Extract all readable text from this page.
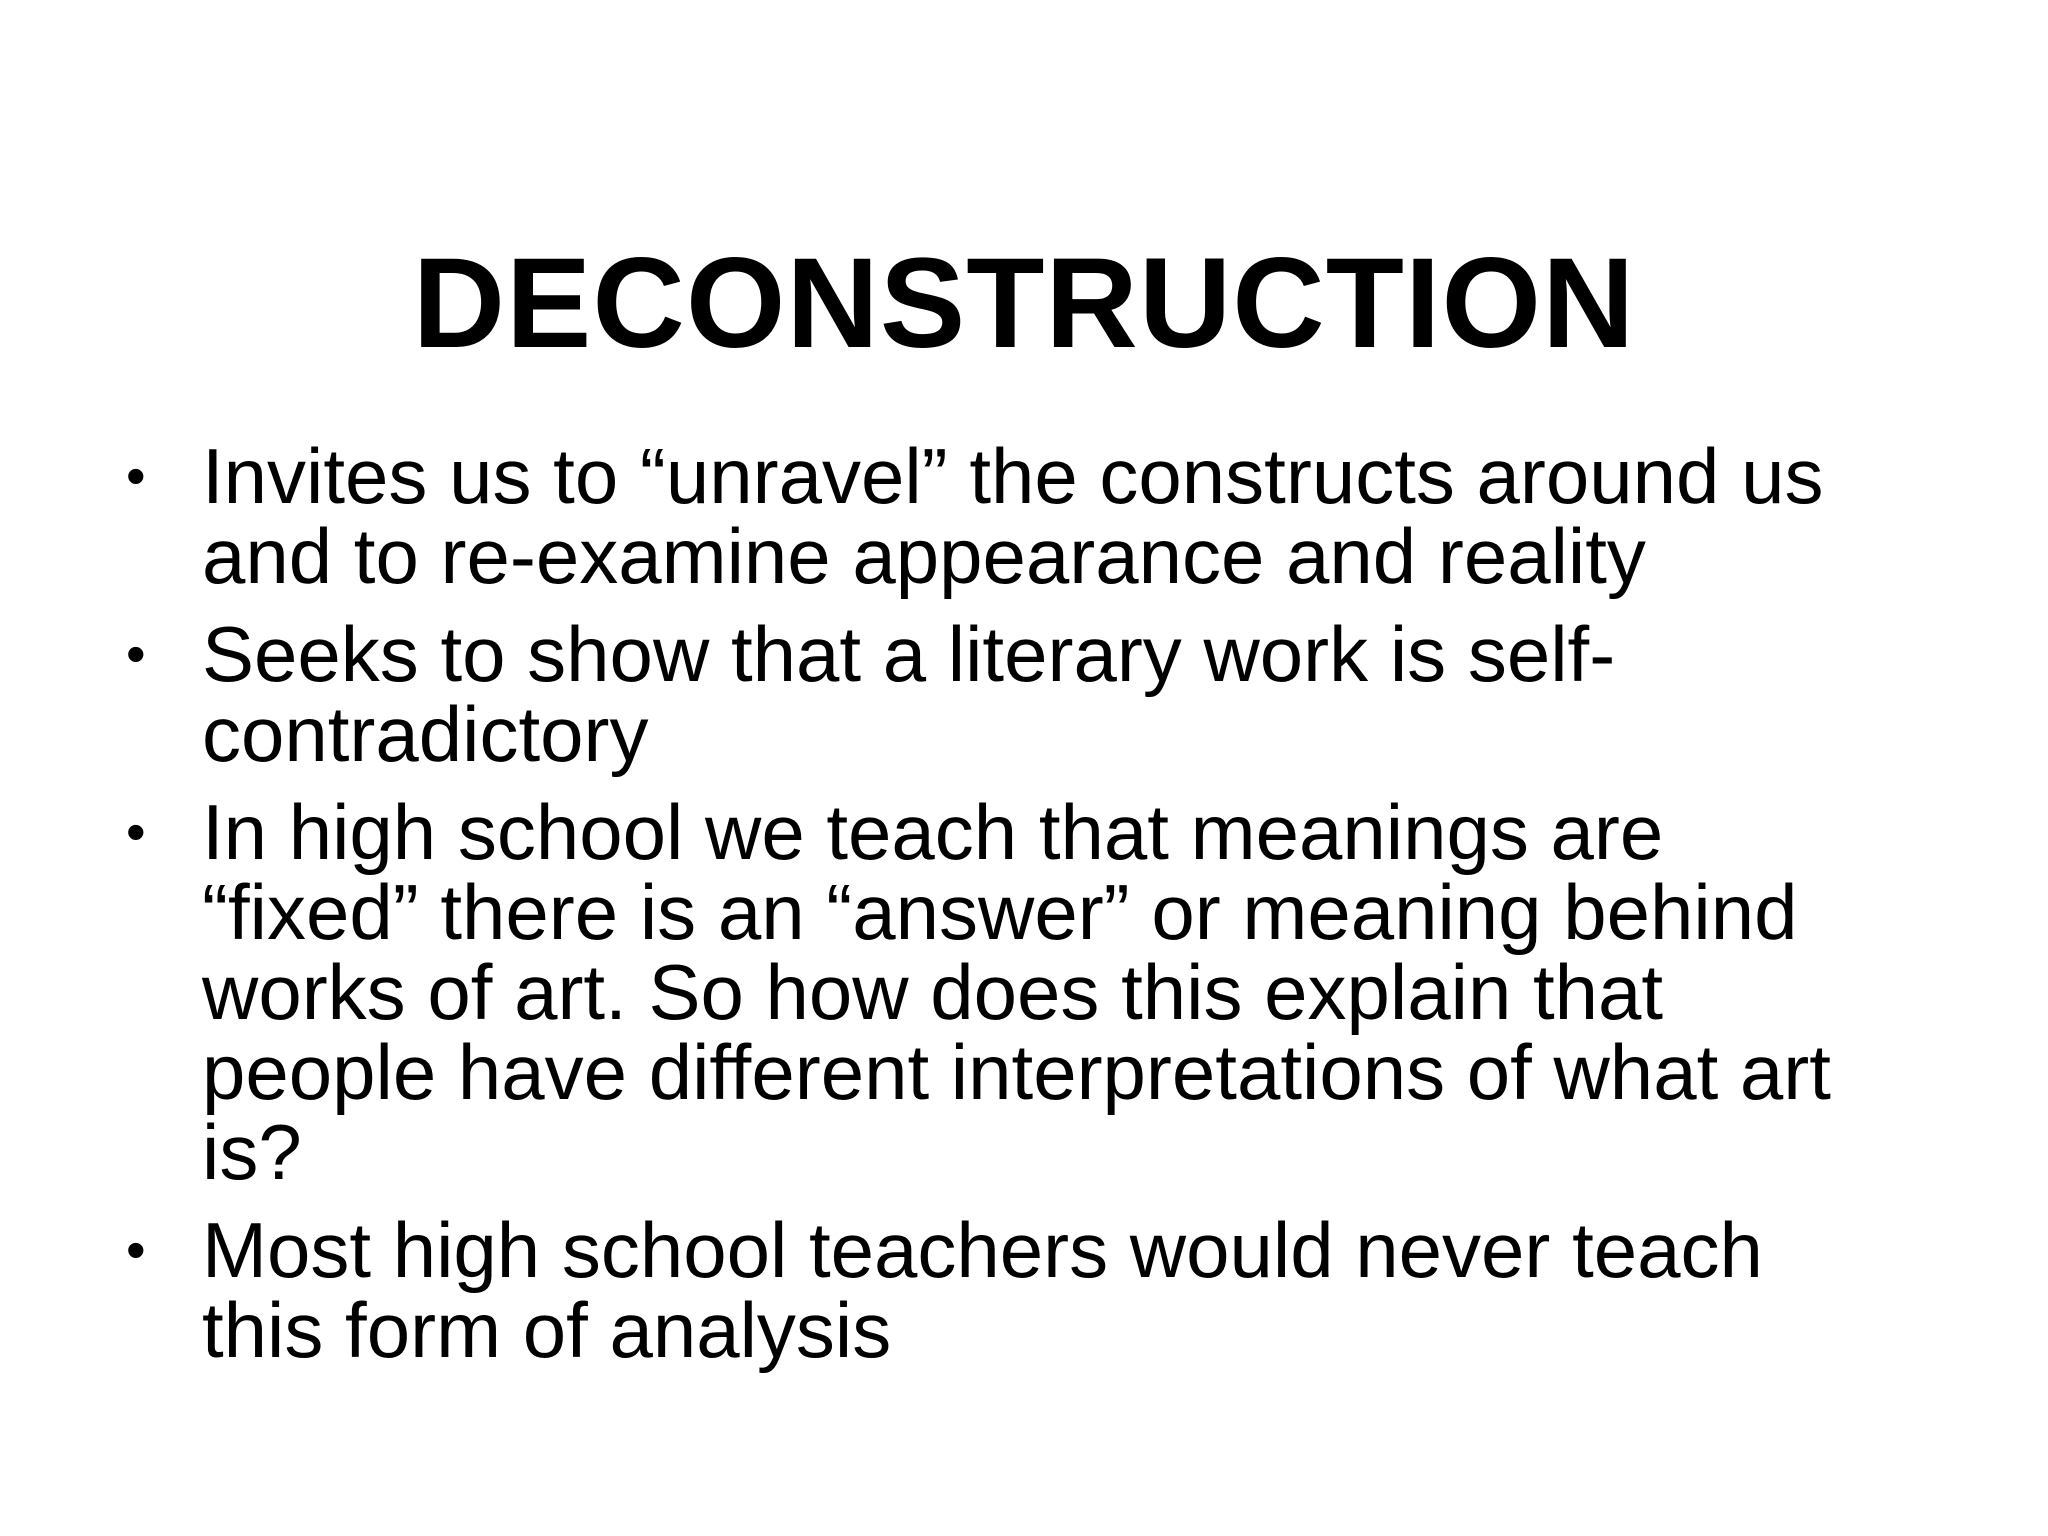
DECONSTRUCTION
• Invites us to “unravel” the constructs around us
and to re-examine appearance and reality
• Seeks to show that a literary work is self-
contradictory
• In high school we teach that meanings are
“fixed” there is an “answer” or meaning behind
works of art. So how does this explain that
people have different interpretations of what art
is?
• Most high school teachers would never teach
this form of analysis
